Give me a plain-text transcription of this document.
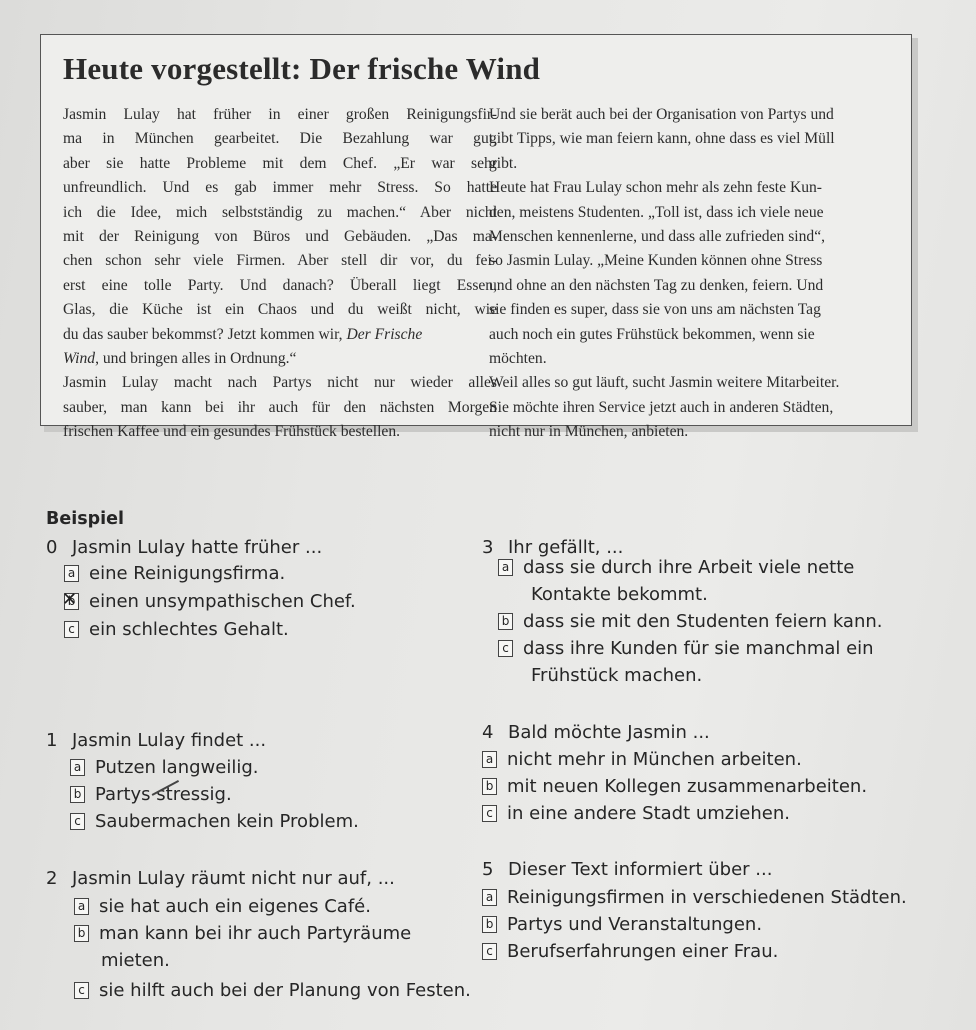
Heute vorgestellt: Der frische Wind
Jasmin Lulay hat früher in einer großen Reinigungsfir-
ma in München gearbeitet. Die Bezahlung war gut,
aber sie hatte Probleme mit dem Chef. „Er war sehr
unfreundlich. Und es gab immer mehr Stress. So hatte
ich die Idee, mich selbstständig zu machen.“ Aber nicht
mit der Reinigung von Büros und Gebäuden. „Das ma-
chen schon sehr viele Firmen. Aber stell dir vor, du fei-
erst eine tolle Party. Und danach? Überall liegt Essen,
Glas, die Küche ist ein Chaos und du weißt nicht, wie
du das sauber bekommst? Jetzt kommen wir, Der Frische
Wind, und bringen alles in Ordnung.“
Jasmin Lulay macht nach Partys nicht nur wieder alles
sauber, man kann bei ihr auch für den nächsten Morgen
frischen Kaffee und ein gesundes Frühstück bestellen.
Und sie berät auch bei der Organisation von Partys und
gibt Tipps, wie man feiern kann, ohne dass es viel Müll
gibt.
Heute hat Frau Lulay schon mehr als zehn feste Kun-
den, meistens Studenten. „Toll ist, dass ich viele neue
Menschen kennenlerne, und dass alle zufrieden sind“,
so Jasmin Lulay. „Meine Kunden können ohne Stress
und ohne an den nächsten Tag zu denken, feiern. Und
sie finden es super, dass sie von uns am nächsten Tag
auch noch ein gutes Frühstück bekommen, wenn sie
möchten.
Weil alles so gut läuft, sucht Jasmin weitere Mitarbeiter.
Sie möchte ihren Service jetzt auch in anderen Städten,
nicht nur in München, anbieten.
Beispiel
0 Jasmin Lulay hatte früher ...
a eine Reinigungsfirma.
b ✕ einen unsympathischen Chef.
c ein schlechtes Gehalt.
1 Jasmin Lulay findet ...
a Putzen langweilig.
b Partys stressig.
c Saubermachen kein Problem.
2 Jasmin Lulay räumt nicht nur auf, ...
a sie hat auch ein eigenes Café.
b man kann bei ihr auch Partyräume
mieten.
c sie hilft auch bei der Planung von Festen.
3 Ihr gefällt, ...
a dass sie durch ihre Arbeit viele nette
Kontakte bekommt.
b dass sie mit den Studenten feiern kann.
c dass ihre Kunden für sie manchmal ein
Frühstück machen.
4 Bald möchte Jasmin ...
a nicht mehr in München arbeiten.
b mit neuen Kollegen zusammenarbeiten.
c in eine andere Stadt umziehen.
5 Dieser Text informiert über ...
a Reinigungsfirmen in verschiedenen Städten.
b Partys und Veranstaltungen.
c Berufserfahrungen einer Frau.
